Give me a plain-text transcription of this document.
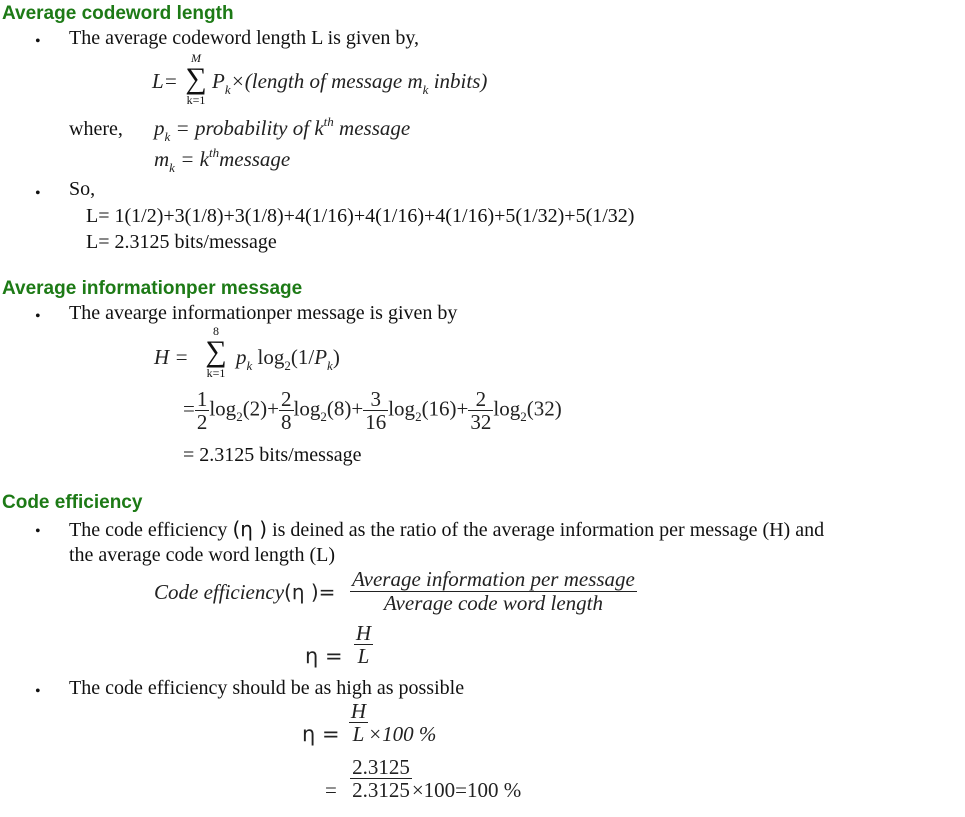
Average codeword length
• The average codeword length L is given by,
L=
M
∑
k=1
$P_k\times(length$ of message $m_k$ inbits)
where, $p_k$ = probability of $k^{th}$ message
$m_k$ = $k^{th}message$
• So,
L= 1(1/2)+3(1/8)+3(1/8)+4(1/16)+4(1/16)+4(1/16)+5(1/32)+5(1/32)
L= 2.3125 bits/message
Average informationper message
• The avearge informationper message is given by
H =
8
∑
k=1
$p_k$ $\log_2(1/P_k)$
= $\frac{1}{2} \log_2(2)+ \frac{2}{8} \log_2(8)+ \frac{3}{16} \log_2(16)+ \frac{2}{32} \log_2(32)$
= 2.3125 bits/message
Code efficiency
• The code efficiency (η ) is deined as the ratio of the average information per message (H) and
the average code word length (L)
Code efficiency(η )= $\frac{\text{Average information per message}}{\text{Average code word length}}$
$\eta = \frac{H}{L}$
• The code efficiency should be as high as possible
$\eta = \frac{H}{L} \times 100$ %
= $\frac{2.3125}{2.3125} \times 100=100$ %
